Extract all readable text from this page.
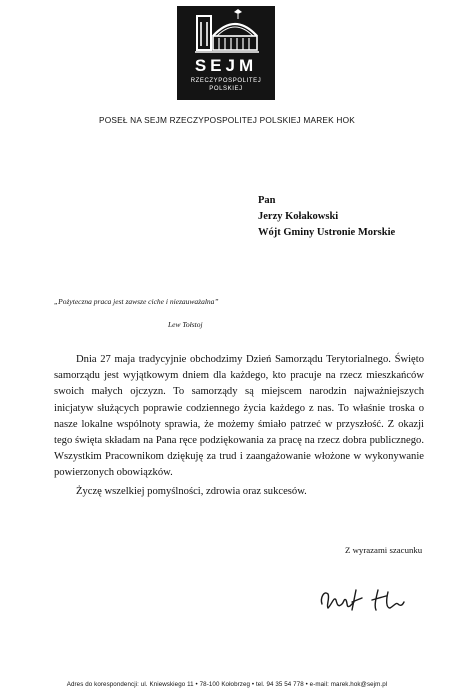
SEJM
RZECZYPOSPOLITEJ
POLSKIEJ
POSEŁ NA SEJM RZECZYPOSPOLITEJ POLSKIEJ MAREK HOK
Pan
Jerzy Kołakowski
Wójt Gminy Ustronie Morskie
„Pożyteczna praca jest zawsze ciche i niezauważalna”
Lew Tołstoj

Dnia 27 maja tradycyjnie obchodzimy Dzień Samorządu Terytorialnego. Święto samorządu jest wyjątkowym dniem dla każdego, kto pracuje na rzecz mieszkańców swoich małych ojczyzn. To samorządy są miejscem narodzin najważniejszych inicjatyw służących poprawie codziennego życia każdego z nas. To właśnie troska o nasze lokalne wspólnoty sprawia, że możemy śmiało patrzeć w przyszłość. Z okazji tego święta składam na Pana ręce podziękowania za pracę na rzecz dobra publicznego. Wszystkim Pracownikom dziękuję za trud i zaangażowanie włożone w wykonywanie powierzonych obowiązków.

Życzę wszelkiej pomyślności, zdrowia oraz sukcesów.

Z wyrazami szacunku
Adres do korespondencji: ul. Kniewskiego 11 • 78-100 Kołobrzeg • tel. 94 35 54 778 • e-mail: marek.hok@sejm.pl
